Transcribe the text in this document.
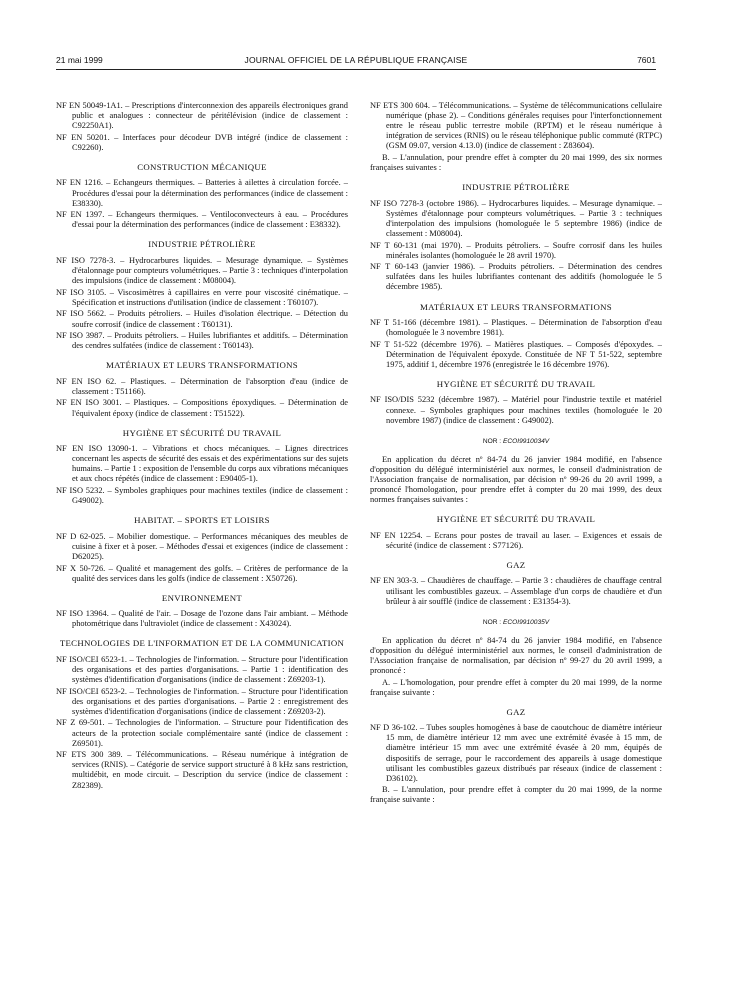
21 mai 1999	JOURNAL OFFICIEL DE LA RÉPUBLIQUE FRANÇAISE	7601

NF EN 50049-1A1. – Prescriptions d'interconnexion des appareils électroniques grand public et analogues : connecteur de péritélévision (indice de classement : C92250A1).

NF EN 50201. – Interfaces pour décodeur DVB intégré (indice de classement : C92260).

CONSTRUCTION MÉCANIQUE

NF EN 1216. – Echangeurs thermiques. – Batteries à ailettes à circulation forcée. – Procédures d'essai pour la détermination des performances (indice de classement : E38330).

NF EN 1397. – Echangeurs thermiques. – Ventiloconvecteurs à eau. – Procédures d'essai pour la détermination des performances (indice de classement : E38332).

INDUSTRIE PÉTROLIÈRE

NF ISO 7278-3. – Hydrocarbures liquides. – Mesurage dynamique. – Systèmes d'étalonnage pour compteurs volumétriques. – Partie 3 : techniques d'interpolation des impulsions (indice de classement : M08004).

NF ISO 3105. – Viscosimètres à capillaires en verre pour viscosité cinématique. – Spécification et instructions d'utilisation (indice de classement : T60107).

NF ISO 5662. – Produits pétroliers. – Huiles d'isolation électrique. – Détection du soufre corrosif (indice de classement : T60131).

NF ISO 3987. – Produits pétroliers. – Huiles lubrifiantes et additifs. – Détermination des cendres sulfatées (indice de classement : T60143).

MATÉRIAUX ET LEURS TRANSFORMATIONS

NF EN ISO 62. – Plastiques. – Détermination de l'absorption d'eau (indice de classement : T51166).

NF EN ISO 3001. – Plastiques. – Compositions époxydiques. – Détermination de l'équivalent époxy (indice de classement : T51522).

HYGIÈNE ET SÉCURITÉ DU TRAVAIL

NF EN ISO 13090-1. – Vibrations et chocs mécaniques. – Lignes directrices concernant les aspects de sécurité des essais et des expérimentations sur des sujets humains. – Partie 1 : exposition de l'ensemble du corps aux vibrations mécaniques et aux chocs répétés (indice de classement : E90405-1).

NF ISO 5232. – Symboles graphiques pour machines textiles (indice de classement : G49002).

HABITAT. – SPORTS ET LOISIRS

NF D 62-025. – Mobilier domestique. – Performances mécaniques des meubles de cuisine à fixer et à poser. – Méthodes d'essai et exigences (indice de classement : D62025).

NF X 50-726. – Qualité et management des golfs. – Critères de performance de la qualité des services dans les golfs (indice de classement : X50726).

ENVIRONNEMENT

NF ISO 13964. – Qualité de l'air. – Dosage de l'ozone dans l'air ambiant. – Méthode photométrique dans l'ultraviolet (indice de classement : X43024).

TECHNOLOGIES DE L'INFORMATION ET DE LA COMMUNICATION

NF ISO/CEI 6523-1. – Technologies de l'information. – Structure pour l'identification des organisations et des parties d'organisations. – Partie 1 : identification des systèmes d'identification d'organisations (indice de classement : Z69203-1).

NF ISO/CEI 6523-2. – Technologies de l'information. – Structure pour l'identification des organisations et des parties d'organisations. – Partie 2 : enregistrement des systèmes d'identification d'organisations (indice de classement : Z69203-2).

NF Z 69-501. – Technologies de l'information. – Structure pour l'identification des acteurs de la protection sociale complémentaire santé (indice de classement : Z69501).

NF ETS 300 389. – Télécommunications. – Réseau numérique à intégration de services (RNIS). – Catégorie de service support structuré à 8 kHz sans restriction, multidébit, en mode circuit. – Description du service (indice de classement : Z82389).

NF ETS 300 604. – Télécommunications. – Système de télécommunications cellulaire numérique (phase 2). – Conditions générales requises pour l'interfonctionnement entre le réseau public terrestre mobile (RPTM) et le réseau numérique à intégration de services (RNIS) ou le réseau téléphonique public commuté (RTPC) (GSM 09.07, version 4.13.0) (indice de classement : Z83604).

B. – L'annulation, pour prendre effet à compter du 20 mai 1999, des six normes françaises suivantes :

INDUSTRIE PÉTROLIÈRE

NF ISO 7278-3 (octobre 1986). – Hydrocarbures liquides. – Mesurage dynamique. – Systèmes d'étalonnage pour compteurs volumétriques. – Partie 3 : techniques d'interpolation des impulsions (homologuée le 5 septembre 1986) (indice de classement : M08004).

NF T 60-131 (mai 1970). – Produits pétroliers. – Soufre corrosif dans les huiles minérales isolantes (homologuée le 28 avril 1970).

NF T 60-143 (janvier 1986). – Produits pétroliers. – Détermination des cendres sulfatées dans les huiles lubrifiantes contenant des additifs (homologuée le 5 décembre 1985).

MATÉRIAUX ET LEURS TRANSFORMATIONS

NF T 51-166 (décembre 1981). – Plastiques. – Détermination de l'absorption d'eau (homologuée le 3 novembre 1981).

NF T 51-522 (décembre 1976). – Matières plastiques. – Composés d'époxydes. – Détermination de l'équivalent époxyde. Constituée de NF T 51-522, septembre 1975, additif 1, décembre 1976 (enregistrée le 16 décembre 1976).

HYGIÈNE ET SÉCURITÉ DU TRAVAIL

NF ISO/DIS 5232 (décembre 1987). – Matériel pour l'industrie textile et matériel connexe. – Symboles graphiques pour machines textiles (homologuée le 20 novembre 1987) (indice de classement : G49002).

NOR : ECOI9910034V

En application du décret nº 84-74 du 26 janvier 1984 modifié, en l'absence d'opposition du délégué interministériel aux normes, le conseil d'administration de l'Association française de normalisation, par décision nº 99-26 du 20 avril 1999, a prononcé l'homologation, pour prendre effet à compter du 20 mai 1999, des deux normes françaises suivantes :

HYGIÈNE ET SÉCURITÉ DU TRAVAIL

NF EN 12254. – Ecrans pour postes de travail au laser. – Exigences et essais de sécurité (indice de classement : S77126).

GAZ

NF EN 303-3. – Chaudières de chauffage. – Partie 3 : chaudières de chauffage central utilisant les combustibles gazeux. – Assemblage d'un corps de chaudière et d'un brûleur à air soufflé (indice de classement : E31354-3).

NOR : ECOI9910035V

En application du décret nº 84-74 du 26 janvier 1984 modifié, en l'absence d'opposition du délégué interministériel aux normes, le conseil d'administration de l'Association française de normalisation, par décision nº 99-27 du 20 avril 1999, a prononcé :

A. – L'homologation, pour prendre effet à compter du 20 mai 1999, de la norme française suivante :

GAZ

NF D 36-102. – Tubes souples homogènes à base de caoutchouc de diamètre intérieur 15 mm, de diamètre intérieur 12 mm avec une extrémité évasée à 15 mm, de diamètre intérieur 15 mm avec une extrémité évasée à 20 mm, équipés de dispositifs de serrage, pour le raccordement des appareils à usage domestique utilisant les combustibles gazeux distribués par réseaux (indice de classement : D36102).

B. – L'annulation, pour prendre effet à compter du 20 mai 1999, de la norme française suivante :
